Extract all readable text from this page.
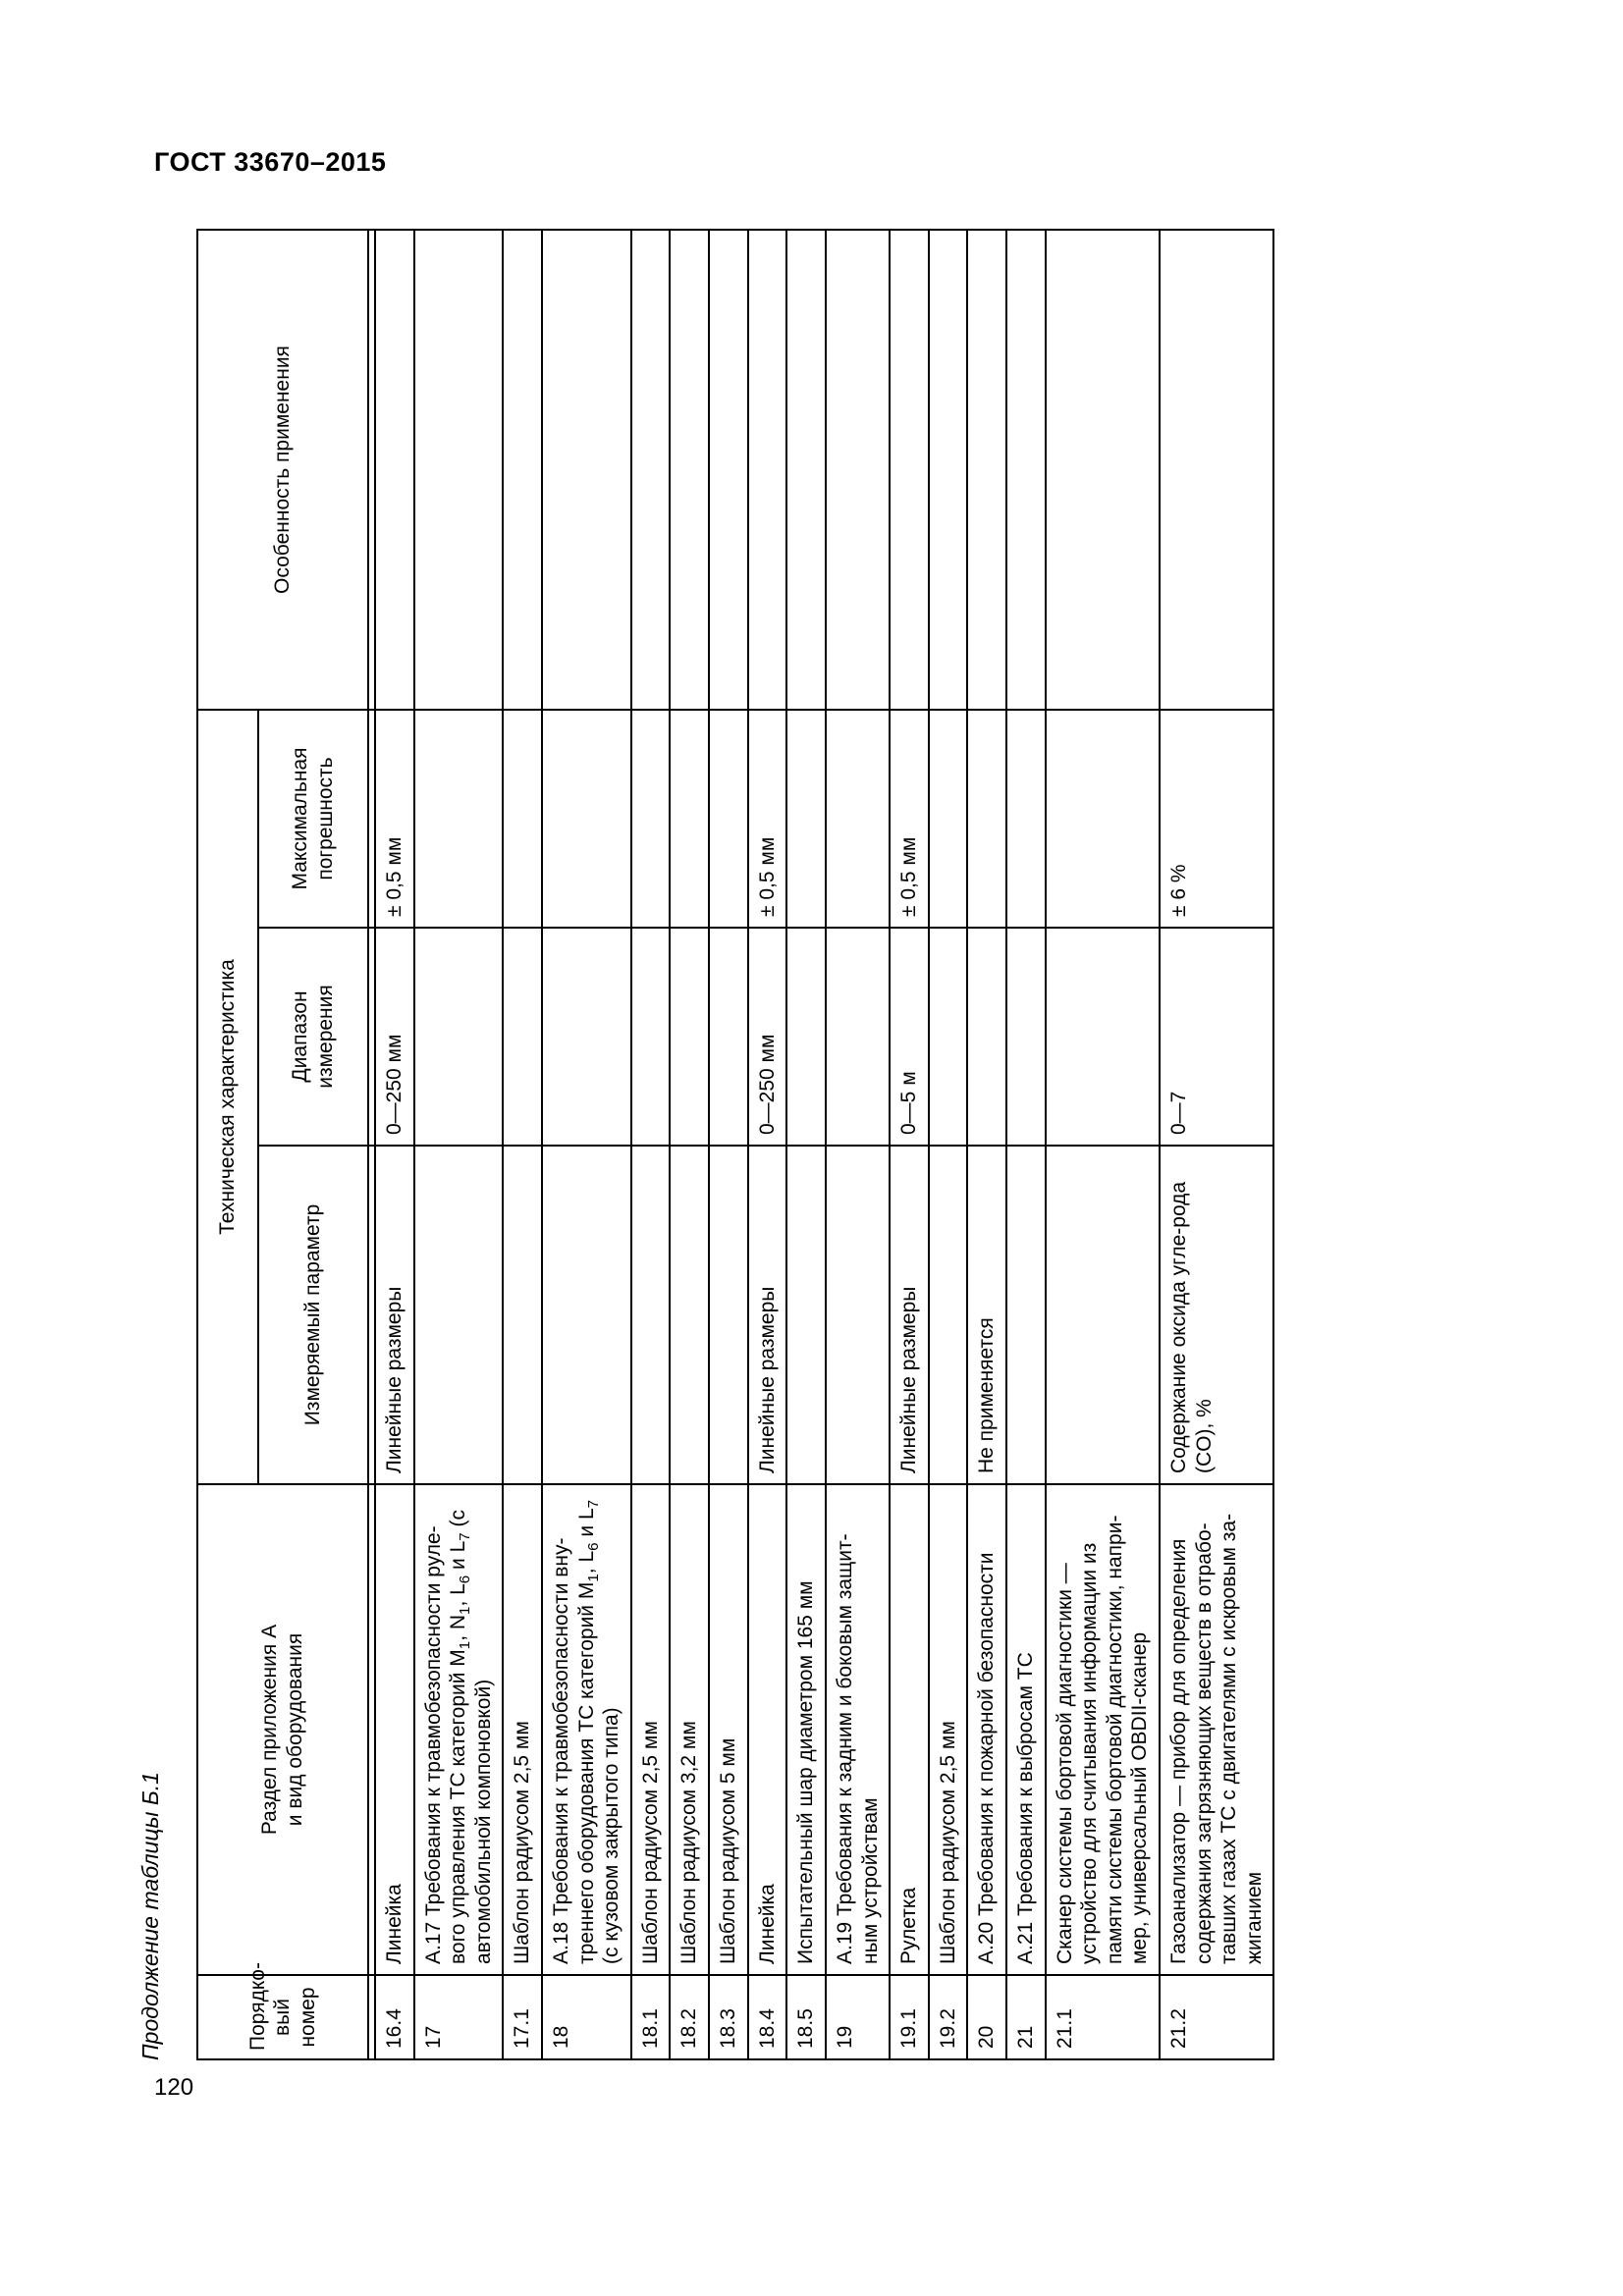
ГОСТ 33670–2015
120
Продолжение таблицы Б.1	Порядко- вый номер	Раздел приложения А и вид оборудования	Техническая характеристика			Особенность применения
		Измеряемый параметр	Диапазон измерения	Максимальная погрешность	

16.4	Линейка	Линейные размеры	0—250 мм	± 0,5 мм	
17	А.17 Требования к травмобезопасности руле-вого управления ТС категорий $M_1$, $N_1$, $L_6$ и $L_7$ (с автомобильной компоновкой)				
17.1	Шаблон радиусом 2,5 мм				
18	А.18 Требования к травмобезопасности вну-треннего оборудования ТС категорий $M_1$, $L_6$ и $L_7$ (с кузовом закрытого типа)				
18.1	Шаблон радиусом 2,5 мм				
18.2	Шаблон радиусом 3,2 мм				
18.3	Шаблон радиусом 5 мм				
18.4	Линейка	Линейные размеры	0—250 мм	± 0,5 мм	
18.5	Испытательный шар диаметром 165 мм				
19	А.19 Требования к задним и боковым защит-ным устройствам				
19.1	Рулетка	Линейные размеры	0—5 м	± 0,5 мм	
19.2	Шаблон радиусом 2,5 мм				
20	А.20 Требования к пожарной безопасности	Не применяется			
21	А.21 Требования к выбросам ТС				
21.1	Сканер системы бортовой диагностики — устройство для считывания информации из памяти системы бортовой диагностики, напри-мер, универсальный OBDII-сканер				
21.2	Газоанализатор — прибор для определения содержания загрязняющих веществ в отрабо-тавших газах ТС с двигателями с искровым за-жиганием	Содержание оксида угле-рода (CO), %	0—7	± 6 %	
